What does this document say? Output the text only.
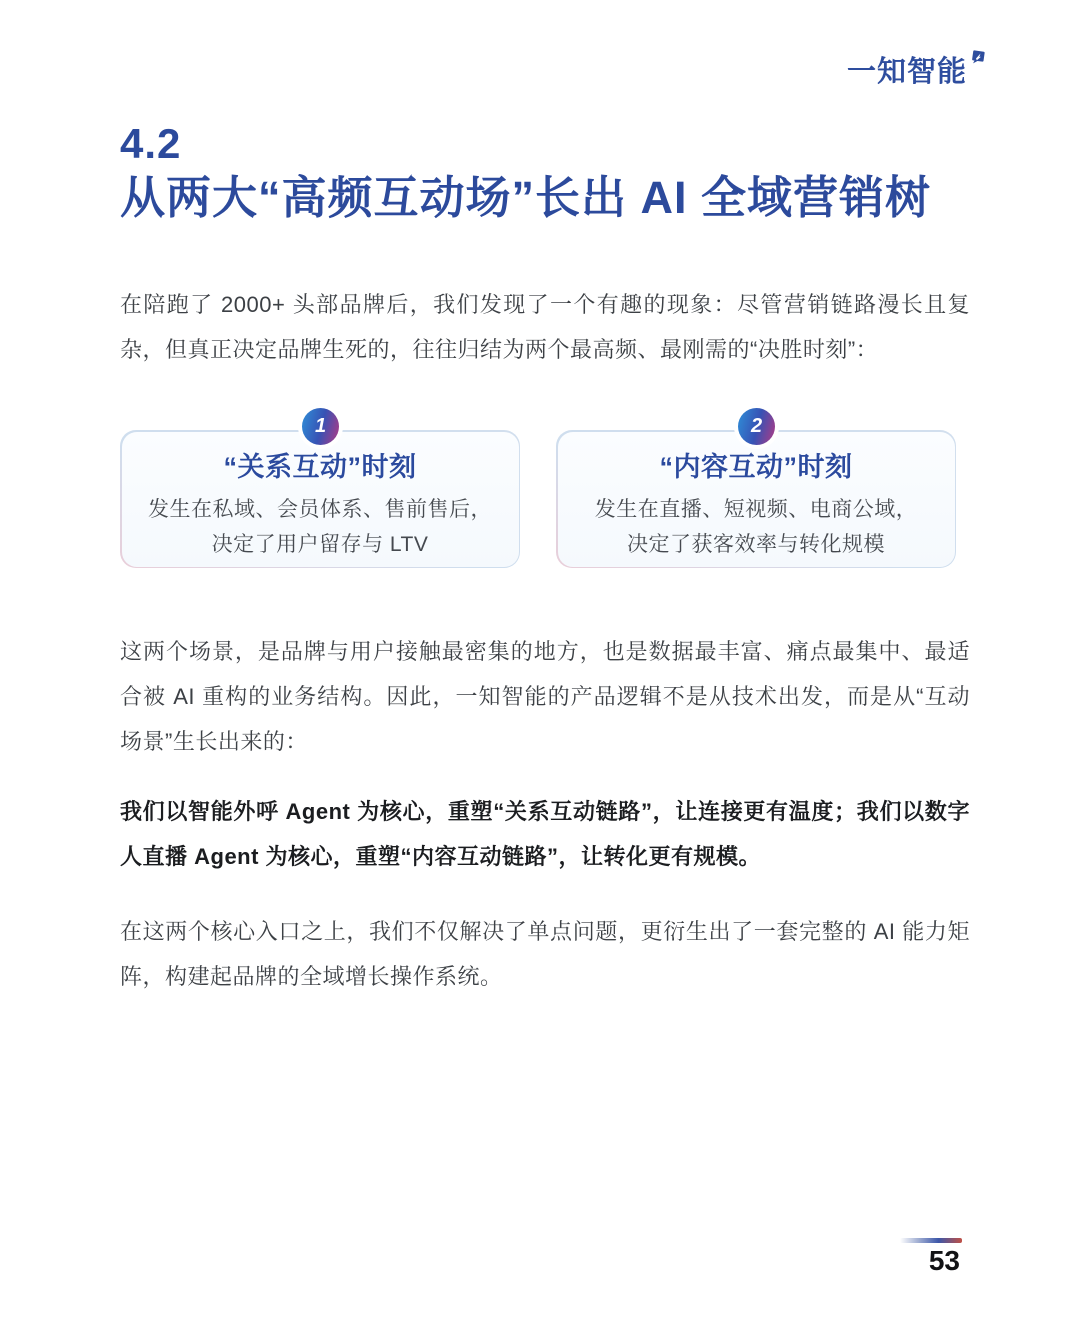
一知智能
4.2
从两大“高频互动场”长出 AI 全域营销树

在陪跑了 2000+ 头部品牌后，我们发现了一个有趣的现象：尽管营销链路漫长且复杂，但真正决定品牌生死的，往往归结为两个最高频、最刚需的“决胜时刻”：

1
“关系互动”时刻
发生在私域、会员体系、售前售后，
决定了用户留存与 LTV
2
“内容互动”时刻
发生在直播、短视频、电商公域，
决定了获客效率与转化规模

这两个场景，是品牌与用户接触最密集的地方，也是数据最丰富、痛点最集中、最适合被 AI 重构的业务结构。因此，一知智能的产品逻辑不是从技术出发，而是从“互动场景”生长出来的：

我们以智能外呼 Agent 为核心，重塑“关系互动链路”，让连接更有温度；我们以数字人直播 Agent 为核心，重塑“内容互动链路”，让转化更有规模。

在这两个核心入口之上，我们不仅解决了单点问题，更衍生出了一套完整的 AI 能力矩阵，构建起品牌的全域增长操作系统。

53
